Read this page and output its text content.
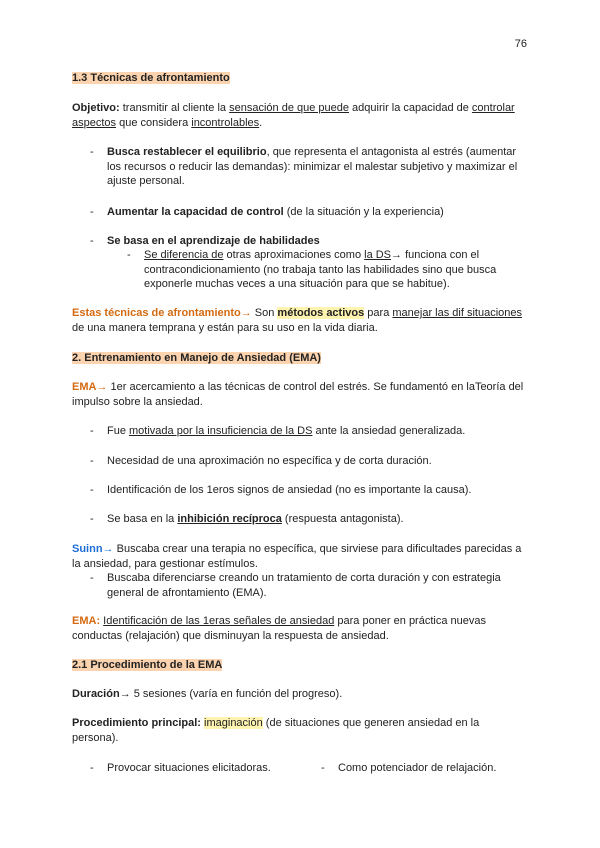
76
1.3 Técnicas de afrontamiento
Objetivo: transmitir al cliente la sensación de que puede adquirir la capacidad de controlar aspectos que considera incontrolables.
- Busca restablecer el equilibrio, que representa el antagonista al estrés (aumentar los recursos o reducir las demandas): minimizar el malestar subjetivo y maximizar el ajuste personal.
- Aumentar la capacidad de control (de la situación y la experiencia)
- Se basa en el aprendizaje de habilidades
- Se diferencia de otras aproximaciones como la DS→ funciona con el contracondicionamiento (no trabaja tanto las habilidades sino que busca exponerle muchas veces a una situación para que se habitue).
Estas técnicas de afrontamiento→ Son métodos activos para manejar las dif situaciones de una manera temprana y están para su uso en la vida diaria.
2. Entrenamiento en Manejo de Ansiedad (EMA)
EMA→ 1er acercamiento a las técnicas de control del estrés. Se fundamentó en laTeoría del impulso sobre la ansiedad.
- Fue motivada por la insuficiencia de la DS ante la ansiedad generalizada.
- Necesidad de una aproximación no específica y de corta duración.
- Identificación de los 1eros signos de ansiedad (no es importante la causa).
- Se basa en la inhibición recíproca (respuesta antagonista).
Suinn→ Buscaba crear una terapia no específica, que sirviese para dificultades parecidas a la ansiedad, para gestionar estímulos.
- Buscaba diferenciarse creando un tratamiento de corta duración y con estrategia general de afrontamiento (EMA).
EMA: Identificación de las 1eras señales de ansiedad para poner en práctica nuevas conductas (relajación) que disminuyan la respuesta de ansiedad.
2.1 Procedimiento de la EMA
Duración→ 5 sesiones (varía en función del progreso).
Procedimiento principal: imaginación (de situaciones que generen ansiedad en la persona).
- Provocar situaciones elicitadoras.	- Como potenciador de relajación.
